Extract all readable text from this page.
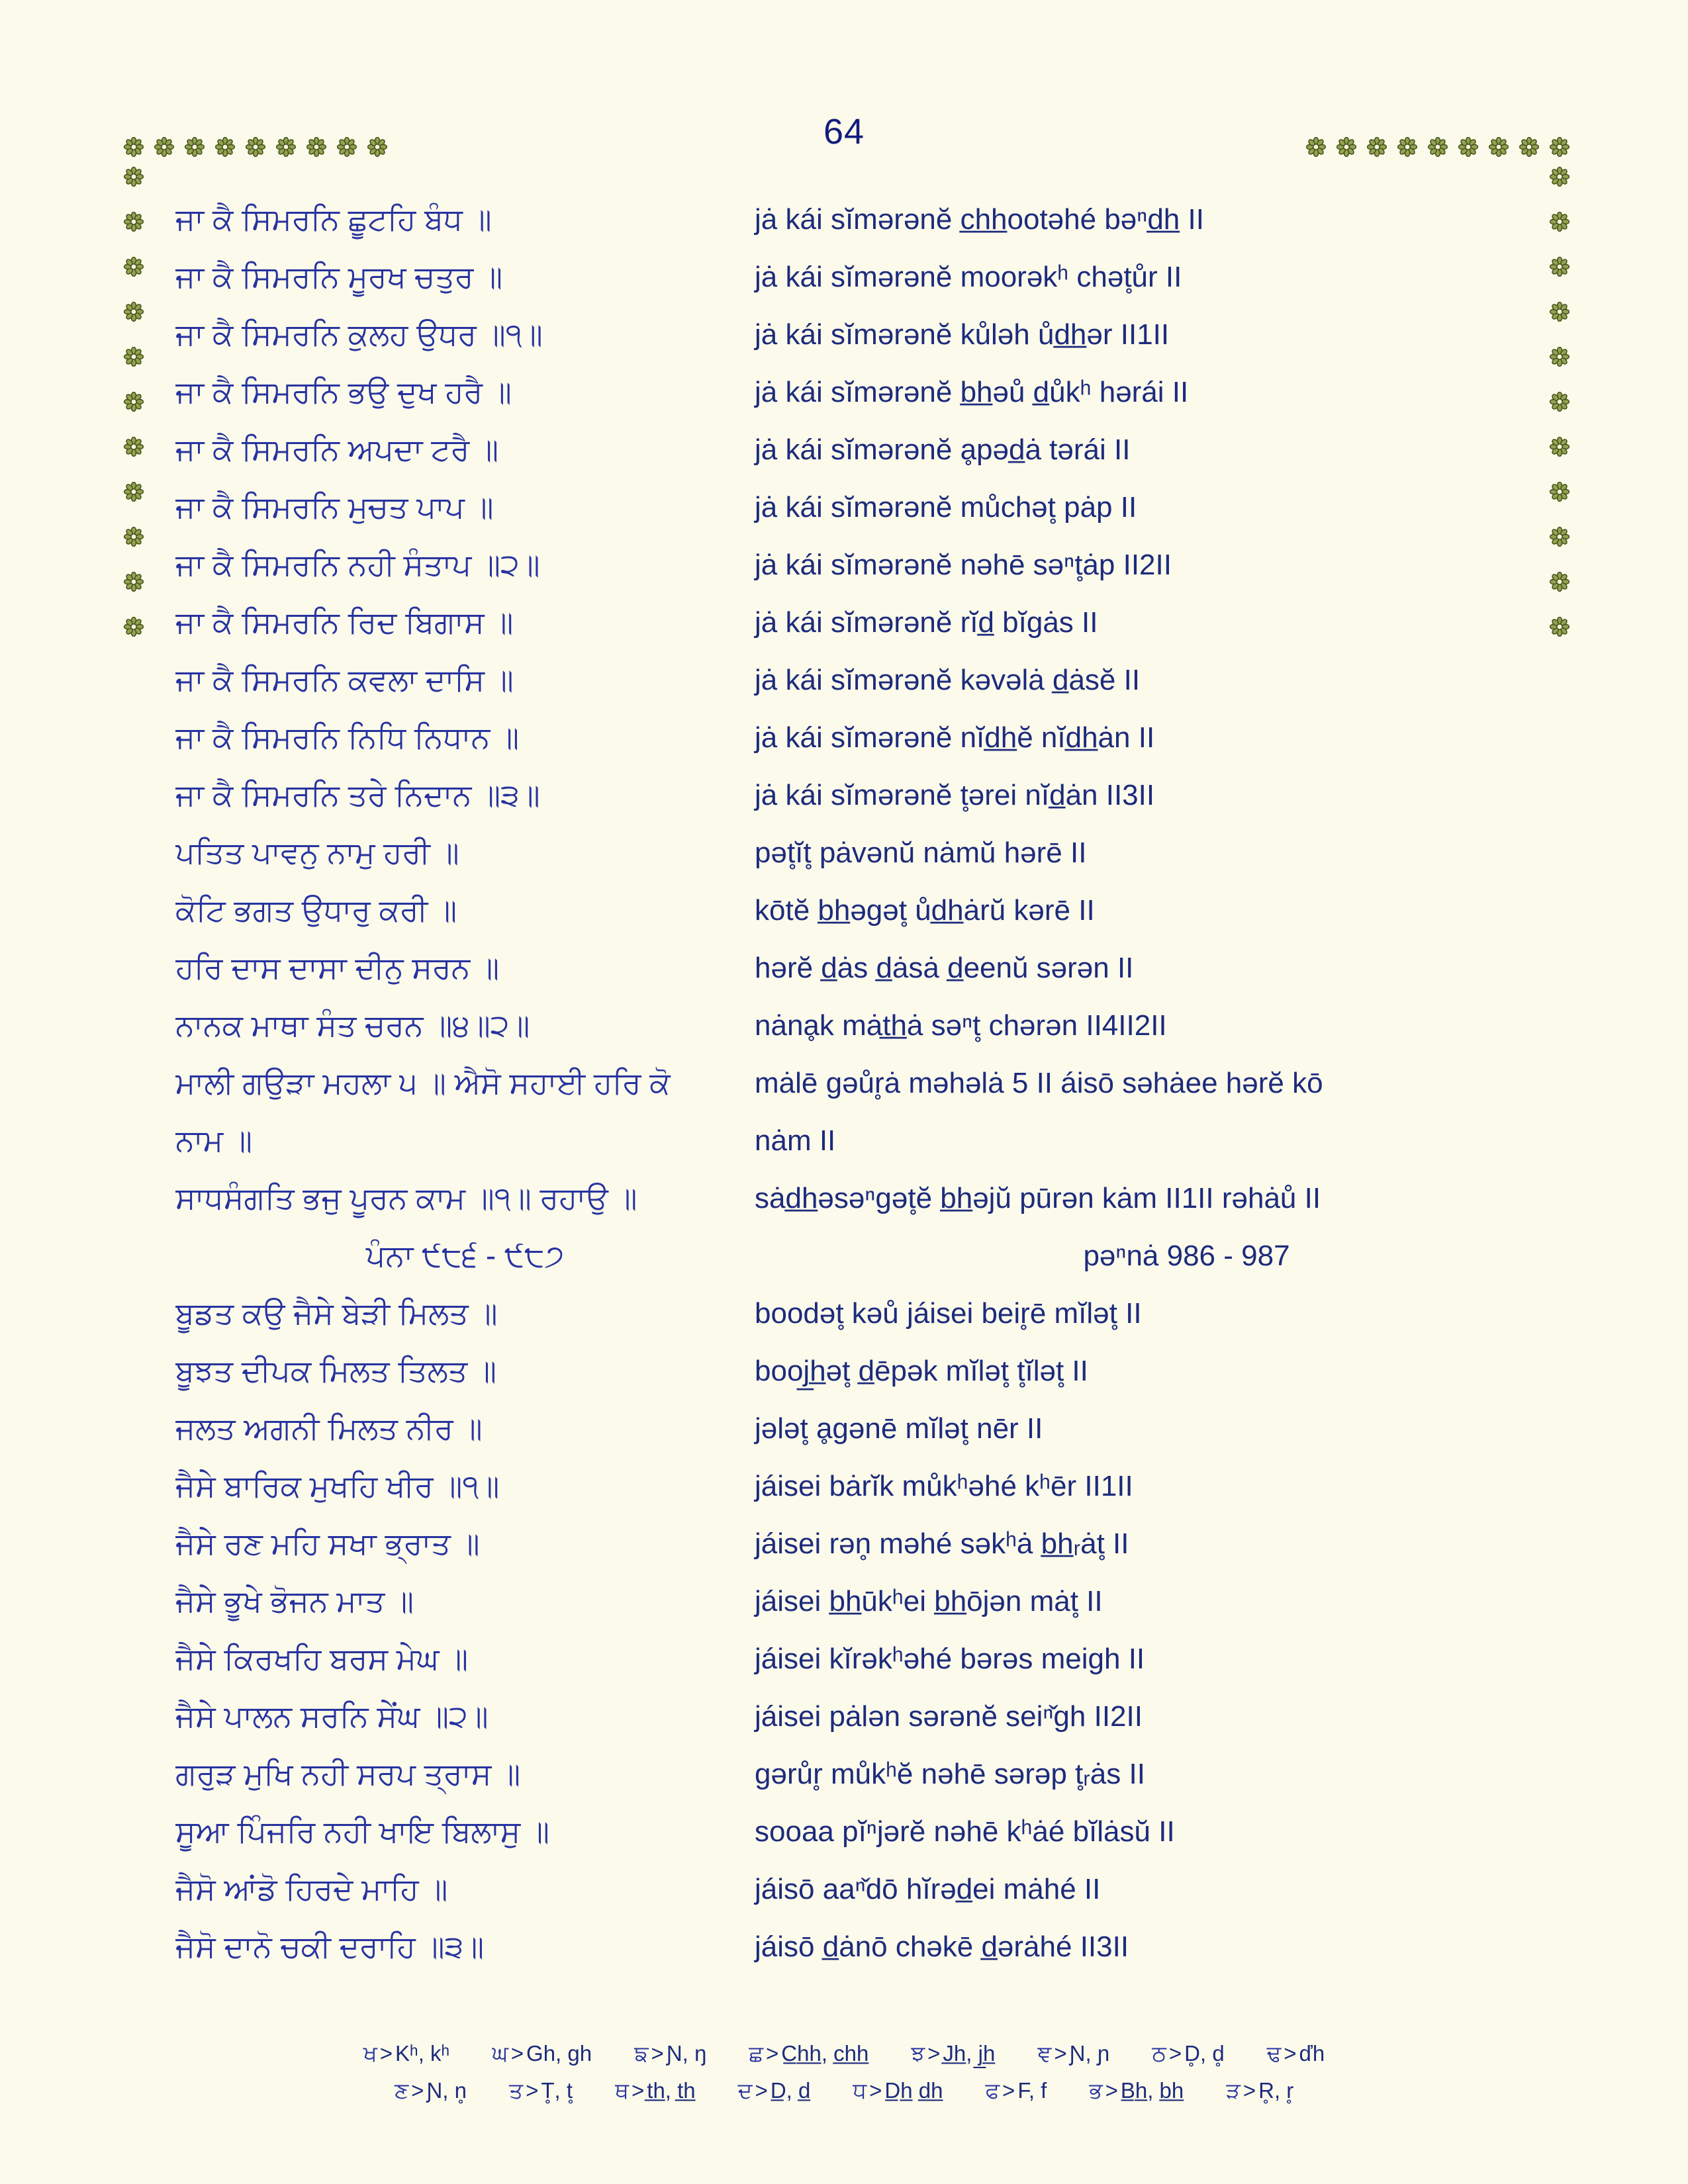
64
ਜਾ ਕੈ ਸਿਮਰਨਿ ਛੂਟਹਿ ਬੰਧ ॥	jȧ kái sĭmərənĕ c̲h̲h̲ootəhé bəⁿd̲h̲ II
ਜਾ ਕੈ ਸਿਮਰਨਿ ਮੂਰਖ ਚਤੁਰ ॥	jȧ kái sĭmərənĕ moorəkʰ chət̥ůr II
ਜਾ ਕੈ ਸਿਮਰਨਿ ਕੁਲਹ ਉਧਰ ॥੧॥	jȧ kái sĭmərənĕ kůləh ůd̲h̲ər II1II
ਜਾ ਕੈ ਸਿਮਰਨਿ ਭਉ ਦੁਖ ਹਰੈ ॥	jȧ kái sĭmərənĕ b̲h̲əů d̲ůkʰ hərái II
ਜਾ ਕੈ ਸਿਮਰਨਿ ਅਪਦਾ ਟਰੈ ॥	jȧ kái sĭmərənĕ ḁpəd̲ȧ tərái II
ਜਾ ਕੈ ਸਿਮਰਨਿ ਮੁਚਤ ਪਾਪ ॥	jȧ kái sĭmərənĕ můchət̥ pȧp II
ਜਾ ਕੈ ਸਿਮਰਨਿ ਨਹੀ ਸੰਤਾਪ ॥੨॥	jȧ kái sĭmərənĕ nəhē səⁿt̥ȧp II2II
ਜਾ ਕੈ ਸਿਮਰਨਿ ਰਿਦ ਬਿਗਾਸ ॥	jȧ kái sĭmərənĕ rĭd̲ bĭgȧs II
ਜਾ ਕੈ ਸਿਮਰਨਿ ਕਵਲਾ ਦਾਸਿ ॥	jȧ kái sĭmərənĕ kəvəlȧ d̲ȧsĕ II
ਜਾ ਕੈ ਸਿਮਰਨਿ ਨਿਧਿ ਨਿਧਾਨ ॥	jȧ kái sĭmərənĕ nĭd̲h̲ĕ nĭd̲h̲ȧn II
ਜਾ ਕੈ ਸਿਮਰਨਿ ਤਰੇ ਨਿਦਾਨ ॥੩॥	jȧ kái sĭmərənĕ t̥ərei nĭd̲ȧn II3II
ਪਤਿਤ ਪਾਵਨੁ ਨਾਮੁ ਹਰੀ ॥	pət̥ĭt̥ pȧvənŭ nȧmŭ hərē II
ਕੋਟਿ ਭਗਤ ਉਧਾਰੁ ਕਰੀ ॥	kōtĕ b̲h̲əgət̥ ůd̲h̲ȧrŭ kərē II
ਹਰਿ ਦਾਸ ਦਾਸਾ ਦੀਨੁ ਸਰਨ ॥	hərĕ d̲ȧs d̲ȧsȧ d̲eenŭ sərən II
ਨਾਨਕ ਮਾਥਾ ਸੰਤ ਚਰਨ ॥੪॥੨॥	nȧnḁk mȧt̲h̲ȧ səⁿt̥ chərən II4II2II
ਮਾਲੀ ਗਉੜਾ ਮਹਲਾ ੫ ॥ ਐਸੋ ਸਹਾਈ ਹਰਿ ਕੋ	mȧlē gəůr̥ȧ məhəlȧ 5 II áisō səhȧee hərĕ kō
ਨਾਮ ॥	nȧm II
ਸਾਧਸੰਗਤਿ ਭਜੁ ਪੂਰਨ ਕਾਮ ॥੧॥ ਰਹਾਉ ॥	sȧd̲h̲əsəⁿgət̥ĕ b̲h̲əjŭ pūrən kȧm II1II rəhȧů II
ਪੰਨਾ ੯੮੬ - ੯੮੭	pəⁿnȧ 986 - 987
ਬੂਡਤ ਕਉ ਜੈਸੇ ਬੇੜੀ ਮਿਲਤ ॥	boodət̥ kəů jáisei beir̥ē mĭlət̥ II
ਬੂਝਤ ਦੀਪਕ ਮਿਲਤ ਤਿਲਤ ॥	booj̲h̲ət̥ d̲ēpək mĭlət̥ t̥ĭlət̥ II
ਜਲਤ ਅਗਨੀ ਮਿਲਤ ਨੀਰ ॥	jələt̥ ḁgənē mĭlət̥ nēr II
ਜੈਸੇ ਬਾਰਿਕ ਮੁਖਹਿ ਖੀਰ ॥੧॥	jáisei bȧrĭk můkʰəhé kʰēr II1II
ਜੈਸੇ ਰਣ ਮਹਿ ਸਖਾ ਭ੍ਰਾਤ ॥	jáisei rən̥ məhé səkʰȧ b̲h̲ᵣȧt̥ II
ਜੈਸੇ ਭੂਖੇ ਭੋਜਨ ਮਾਤ ॥	jáisei b̲h̲ūkʰei b̲h̲ōjən mȧt̥ II
ਜੈਸੇ ਕਿਰਖਹਿ ਬਰਸ ਮੇਘ ॥	jáisei kĭrəkʰəhé bərəs meigh II
ਜੈਸੇ ਪਾਲਨ ਸਰਨਿ ਸੇਂਘ ॥੨॥	jáisei pȧlən sərənĕ seiⁿ̌gh II2II
ਗਰੁੜ ਮੁਖਿ ਨਹੀ ਸਰਪ ਤ੍ਰਾਸ ॥	gərůr̥ můkʰĕ nəhē sərəp t̥ᵣȧs II
ਸੂਆ ਪਿੰਜਰਿ ਨਹੀ ਖਾਇ ਬਿਲਾਸੁ ॥	sooaa pĭⁿjərĕ nəhē kʰȧé bĭlȧsŭ II
ਜੈਸੋ ਆਂਡੋ ਹਿਰਦੇ ਮਾਹਿ ॥	jáisō aaⁿ̌dō hĭrəd̲ei mȧhé II
ਜੈਸੋ ਦਾਨੋ ਚਕੀ ਦਰਾਹਿ ॥੩॥	jáisō d̲ȧnō chəkē d̲ərȧhé II3II
ਖ > Kʰ, kʰ ਘ > Gh, gh ਙ > Ɲ, ŋ ਛ > C̲h̲h̲, c̲h̲h̲ ਝ > J̲h̲, j̲h̲ ਞ > Ɲ, ɲ ਠ > D̥, d̥ ਢ > ďh
ਣ > Ɲ, n̥ ਤ > T̥, t̥ ਥ > t̲h̲, t̲h̲ ਦ > D̲, d̲ ਧ > D̲h̲ d̲h̲ ਫ > F, f ਭ > B̲h̲, b̲h̲ ੜ > R̥, r̥
